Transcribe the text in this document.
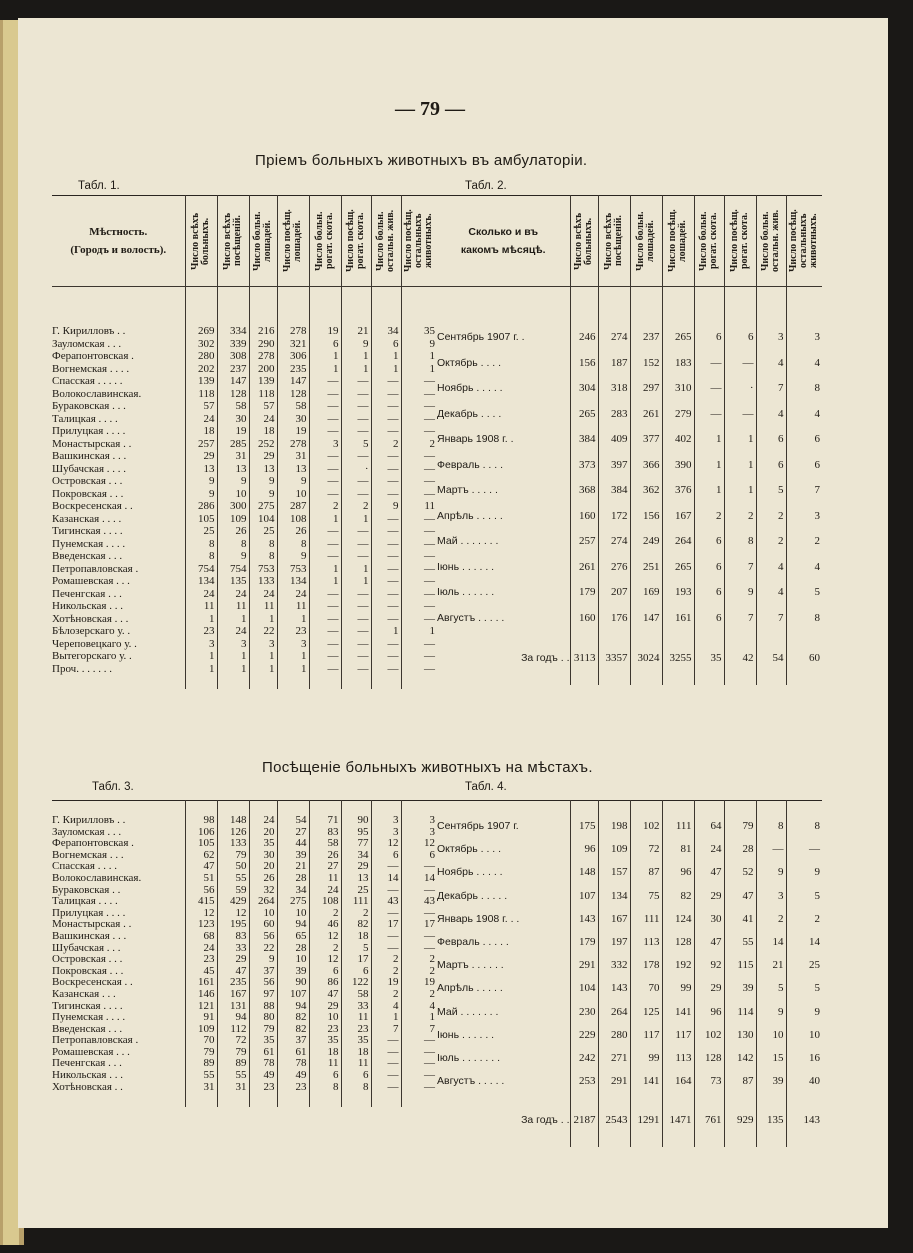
— 79 —
Пріемъ больныхъ животныхъ въ амбулаторіи.
Табл. 1.	Табл. 2.
Посѣщеніе больныхъ животныхъ на мѣстахъ.
Табл. 3.	Табл. 4.
Мѣстность.
(Городъ и волость).	Число всѣхъ больныхъ.	Число всѣхъ посѣщеній.	Число больн. лошадей.	Число посѣщ. лошадей.	Число больн. рогат. скота.	Число посѣщ. рогат. скота.	Число больн. остальн. жив.	Число посѣщ. остальныхъ животныхъ.

Г. Кирилловъ . .	269	334	216	278	19	21	34	35
Зауломская . . .	302	339	290	321	6	9	6	9
Ферапонтовская .	280	308	278	306	1	1	1	1
Вогнемская . . . .	202	237	200	235	1	1	1	1
Спасская . . . . .	139	147	139	147	—	—	—	—
Волокославинская.	118	128	118	128	—	—	—	—
Бураковская . . .	57	58	57	58	—	—	—	—
Талицкая . . . .	24	30	24	30	—	—	—	—
Прилуцкая . . . .	18	19	18	19	—	—	—	—
Монастырская . .	257	285	252	278	3	5	2	2
Вашкинская . . .	29	31	29	31	—	—	—	—
Шубачская . . . .	13	13	13	13	—	·	—	—
Островская . . .	9	9	9	9	—	—	—	—
Покровская . . .	9	10	9	10	—	—	—	—
Воскресенская . .	286	300	275	287	2	2	9	11
Казанская . . . .	105	109	104	108	1	1	—	—
Тигинская . . . .	25	26	25	26	—	—	—	—
Пунемская . . . .	8	8	8	8	—	—	—	—
Введенская . . .	8	9	8	9	—	—	—	—
Петропавловская .	754	754	753	753	1	1	—	—
Ромашевская . . .	134	135	133	134	1	1	—	—
Печенгская . . .	24	24	24	24	—	—	—	—
Никольская . . .	11	11	11	11	—	—	—	—
Хотѣновская . . .	1	1	1	1	—	—	—	—
Бѣлозерскаго у. .	23	24	22	23	—	—	1	1
Череповецкаго у. .	3	3	3	3	—	—	—	—
Вытегорскаго у. .	1	1	1	1	—	—	—	—
Проч. . . . . . .	1	1	1	1	—	—	—	—

Сколько и въ
какомъ мѣсяцѣ.	Число всѣхъ больныхъ.	Число всѣхъ посѣщеній.	Число больн. лошадей.	Число посѣщ. лошадей.	Число больн. рогат. скота.	Число посѣщ. рогат. скота.	Число больн. остальн. жив.	Число посѣщ. остальныхъ животныхъ.

Сентябрь 1907 г. .	246	274	237	265	6	6	3	3
Октябрь . . . .	156	187	152	183	—	—	4	4
Ноябрь . . . . .	304	318	297	310	—	·	7	8
Декабрь . . . .	265	283	261	279	—	—	4	4
Январь 1908 г. .	384	409	377	402	1	1	6	6
Февраль . . . .	373	397	366	390	1	1	6	6
Мартъ . . . . .	368	384	362	376	1	1	5	7
Апрѣль . . . . .	160	172	156	167	2	2	2	3
Май . . . . . . .	257	274	249	264	6	8	2	2
Іюнь . . . . . .	261	276	251	265	6	7	4	4
Іюль . . . . . .	179	207	169	193	6	9	4	5
Августъ . . . . .	160	176	147	161	6	7	7	8

За годъ . .	3113	3357	3024	3255	35	42	54	60

Г. Кирилловъ . .	98	148	24	54	71	90	3	3
Зауломская . . .	106	126	20	27	83	95	3	3
Ферапонтовская .	105	133	35	44	58	77	12	12
Вогнемская . . .	62	79	30	39	26	34	6	6
Спасская . . . .	47	50	20	21	27	29	—	—
Волокославинская.	51	55	26	28	11	13	14	14
Бураковская . .	56	59	32	34	24	25	—	—
Талицкая . . . .	415	429	264	275	108	111	43	43
Прилуцкая . . . .	12	12	10	10	2	2	—	—
Монастырская . .	123	195	60	94	46	82	17	17
Вашкинская . . .	68	83	56	65	12	18	—	—
Шубачская . . .	24	33	22	28	2	5	—	—
Островская . . .	23	29	9	10	12	17	2	2
Покровская . . .	45	47	37	39	6	6	2	2
Воскресенская . .	161	235	56	90	86	122	19	19
Казанская . . .	146	167	97	107	47	58	2	2
Тигинская . . . .	121	131	88	94	29	33	4	4
Пунемская . . . .	91	94	80	82	10	11	1	1
Введенская . . .	109	112	79	82	23	23	7	7
Петропавловская .	70	72	35	37	35	35	—	—
Ромашевская . . .	79	79	61	61	18	18	—	—
Печенгская . . .	89	89	78	78	11	11	—	—
Никольская . . .	55	55	49	49	6	6	—	—
Хотѣновская . .	31	31	23	23	8	8	—	—

Сентябрь 1907 г.	175	198	102	111	64	79	8	8
Октябрь . . . .	96	109	72	81	24	28	—	—
Ноябрь . . . . .	148	157	87	96	47	52	9	9
Декабрь . . . . .	107	134	75	82	29	47	3	5
Январь 1908 г. . .	143	167	111	124	30	41	2	2
Февраль . . . . .	179	197	113	128	47	55	14	14
Мартъ . . . . . .	291	332	178	192	92	115	21	25
Апрѣль . . . . .	104	143	70	99	29	39	5	5
Май . . . . . . .	230	264	125	141	96	114	9	9
Іюнь . . . . . .	229	280	117	117	102	130	10	10
Іюль . . . . . . .	242	271	99	113	128	142	15	16
Августъ . . . . .	253	291	141	164	73	87	39	40

За годъ . .	2187	2543	1291	1471	761	929	135	143
